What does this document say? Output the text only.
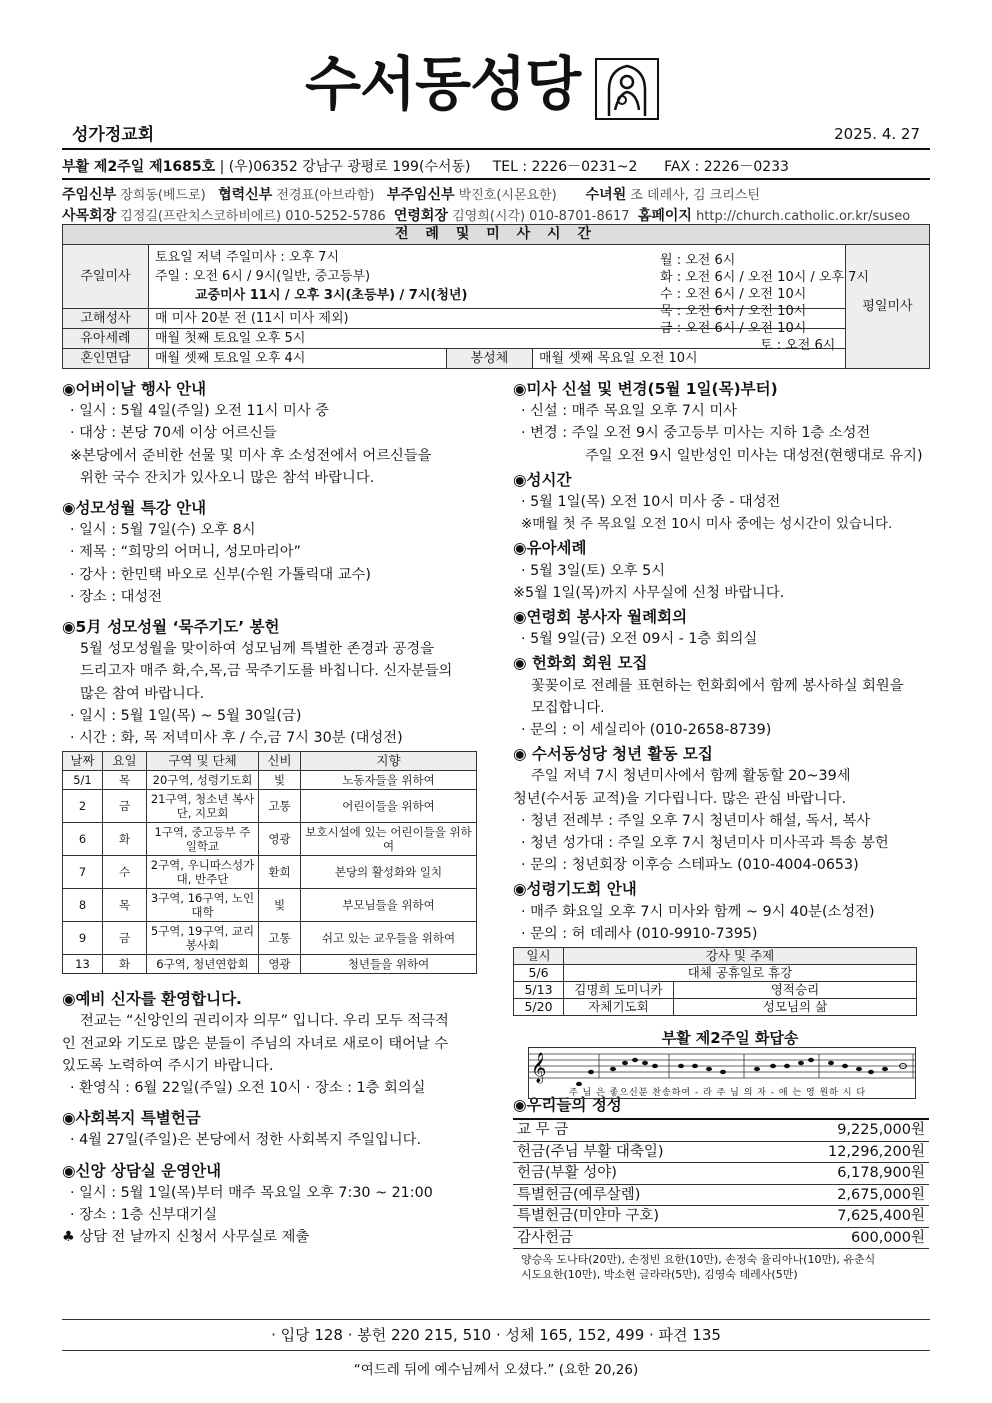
수서동성당
성가정교회	2025. 4. 27
부활 제2주일 제1685호 | (우)06352 강남구 광평로 199(수서동) TEL : 2226－0231~2 FAX : 2226－0233
주임신부 장희동(베드로) 협력신부 전경표(아브라함) 부주임신부 박진호(시몬요한) 수녀원 조 데레사, 김 크리스틴
사목회장 김정길(프란치스코하비에르) 010-5252-5786 연령회장 김영희(시각) 010-8701-8617 홈페이지 http://church.catholic.or.kr/suseo
전 례 및 미 사 시 간				
주일미사	토요일 저녁 주일미사 : 오후 7시
주일 : 오전 6시 / 9시(일반, 중고등부)
교중미사 11시 / 오후 3시(초등부) / 7시(청년)			평일미사
고해성사	매 미사 20분 전 (11시 미사 제외)			
유아세례	매월 첫째 토요일 오후 5시			
혼인면담	매월 셋째 토요일 오후 4시	봉성체	매월 셋째 목요일 오전 10시	
월 : 오전 6시
화 : 오전 6시 / 오전 10시 / 오후 7시
수 : 오전 6시 / 오전 10시
목 : 오전 6시 / 오전 10시
금 : 오전 6시 / 오전 10시
토 : 오전 6시

◉어버이날 행사 안내

· 일시 : 5월 4일(주일) 오전 11시 미사 중

· 대상 : 본당 70세 이상 어르신들

※본당에서 준비한 선물 및 미사 후 소성전에서 어르신들을

위한 국수 잔치가 있사오니 많은 참석 바랍니다.

◉성모성월 특강 안내

· 일시 : 5월 7일(수) 오후 8시

· 제목 : “희망의 어머니, 성모마리아”

· 강사 : 한민택 바오로 신부(수원 가톨릭대 교수)

· 장소 : 대성전

◉5月 성모성월 ‘묵주기도’ 봉헌

5월 성모성월을 맞이하여 성모님께 특별한 존경과 공경을

드리고자 매주 화,수,목,금 묵주기도를 바칩니다. 신자분들의

많은 참여 바랍니다.

· 일시 : 5월 1일(목) ~ 5월 30일(금)

· 시간 : 화, 목 저녁미사 후 / 수,금 7시 30분 (대성전)

날짜	요일	구역 및 단체	신비	지향
5/1	목	20구역, 성령기도회	빛	노동자들을 위하여
2	금	21구역, 청소년 복사단, 지모회	고통	어린이들을 위하여
6	화	1구역, 중고등부 주일학교	영광	보호시설에 있는 어린이들을 위하여
7	수	2구역, 우니따스성가대, 반주단	환희	본당의 활성화와 일치
8	목	3구역, 16구역, 노인대학	빛	부모님들을 위하여
9	금	5구역, 19구역, 교리봉사회	고통	쉬고 있는 교우들을 위하여
13	화	6구역, 청년연합회	영광	청년들을 위하여

◉예비 신자를 환영합니다.

전교는 “신앙인의 권리이자 의무” 입니다. 우리 모두 적극적

인 전교와 기도로 많은 분들이 주님의 자녀로 새로이 태어날 수

있도록 노력하여 주시기 바랍니다.

· 환영식 : 6월 22일(주일) 오전 10시 · 장소 : 1층 회의실

◉사회복지 특별헌금

· 4월 27일(주일)은 본당에서 정한 사회복지 주일입니다.

◉신앙 상담실 운영안내

· 일시 : 5월 1일(목)부터 매주 목요일 오후 7:30 ~ 21:00

· 장소 : 1층 신부대기실

♣ 상담 전 날까지 신청서 사무실로 제출

◉미사 신설 및 변경(5월 1일(목)부터)

· 신설 : 매주 목요일 오후 7시 미사

· 변경 : 주일 오전 9시 중고등부 미사는 지하 1층 소성전

주일 오전 9시 일반성인 미사는 대성전(현행대로 유지)

◉성시간

· 5월 1일(목) 오전 10시 미사 중 - 대성전

※매월 첫 주 목요일 오전 10시 미사 중에는 성시간이 있습니다.

◉유아세례

· 5월 3일(토) 오후 5시

※5월 1일(목)까지 사무실에 신청 바랍니다.

◉연령회 봉사자 월례회의

· 5월 9일(금) 오전 09시 - 1층 회의실

◉ 헌화회 회원 모집

꽃꽂이로 전례를 표현하는 헌화회에서 함께 봉사하실 회원을

모집합니다.

· 문의 : 이 세실리아 (010-2658-8739)

◉ 수서동성당 청년 활동 모집

주일 저녁 7시 청년미사에서 함께 활동할 20~39세

청년(수서동 교적)을 기다립니다. 많은 관심 바랍니다.

· 청년 전례부 : 주일 오후 7시 청년미사 해설, 독서, 복사

· 청년 성가대 : 주일 오후 7시 청년미사 미사곡과 특송 봉헌

· 문의 : 청년회장 이후승 스테파노 (010-4004-0653)

◉성령기도회 안내

· 매주 화요일 오후 7시 미사와 함께 ~ 9시 40분(소성전)

· 문의 : 허 데레사 (010-9910-7395)

일시	강사 및 주제	
5/6	대체 공휴일로 휴강	
5/13	김명희 도미니카	영적승리
5/20	자체기도회	성모님의 삶

◉우리들의 정성

교 무 금	9,225,000원
헌금(주님 부활 대축일)	12,296,200원
헌금(부활 성야)	6,178,900원
특별헌금(예루살렘)	2,675,000원
특별헌금(미얀마 구호)	7,625,400원
감사헌금	600,000원

양승옥 도나타(20만), 손정빈 요한(10만), 손정숙 율리아나(10만), 유춘식

시도요한(10만), 박소현 글라라(5만), 김영숙 데레사(5만)

부활 제2주일 화답송
𝄞
주 님 은 좋으신분 찬송하여 - 라 주 님 의 자 - 애 는 영 원하 시 다
· 입당 128 · 봉헌 220 215, 510 · 성체 165, 152, 499 · 파견 135
“여드레 뒤에 예수님께서 오셨다.” (요한 20,26)
